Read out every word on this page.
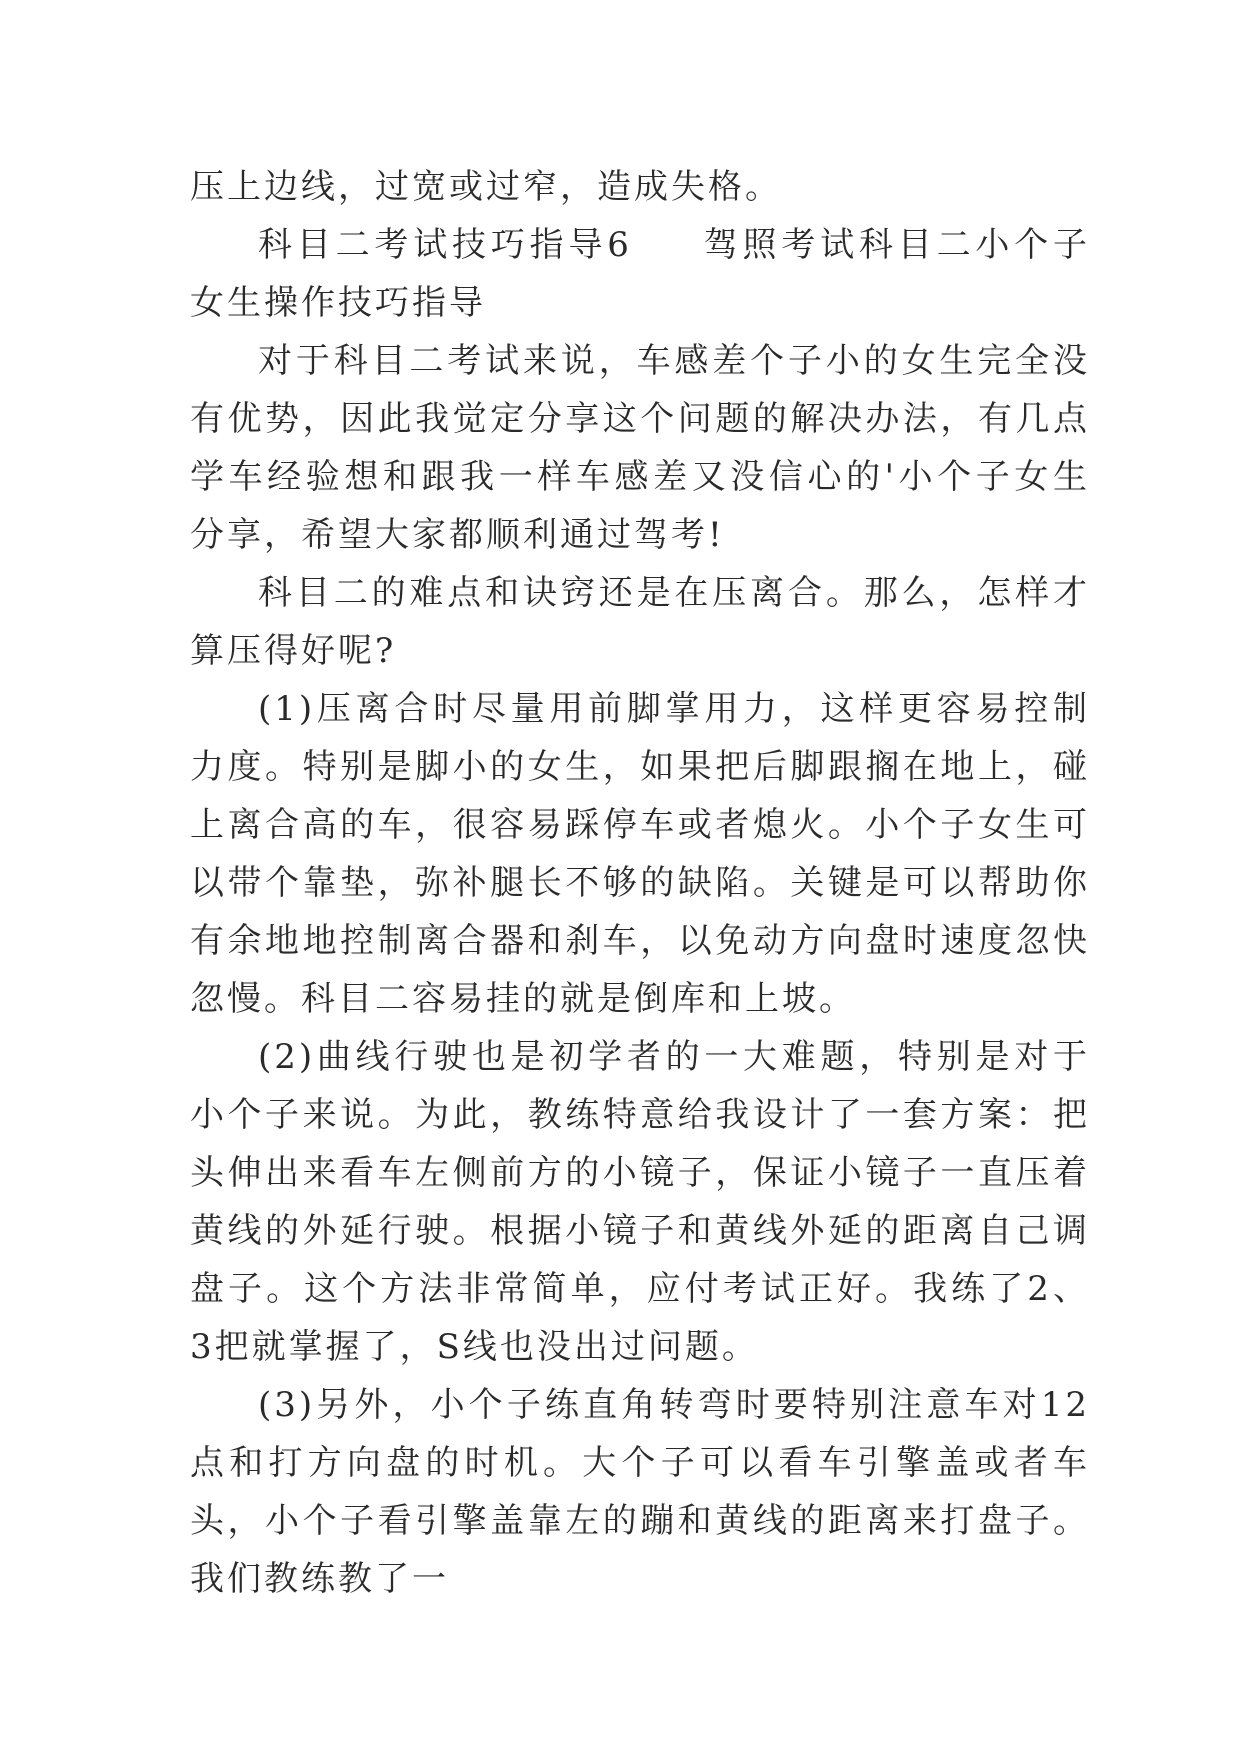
压上边线，过宽或过窄，造成失格。

科目二考试技巧指导6 驾照考试科目二小个子女生操作技巧指导

对于科目二考试来说，车感差个子小的女生完全没有优势，因此我觉定分享这个问题的解决办法，有几点学车经验想和跟我一样车感差又没信心的'小个子女生分享，希望大家都顺利通过驾考!

科目二的难点和诀窍还是在压离合。那么，怎样才算压得好呢?

(1)压离合时尽量用前脚掌用力，这样更容易控制力度。特别是脚小的女生，如果把后脚跟搁在地上，碰上离合高的车，很容易踩停车或者熄火。小个子女生可以带个靠垫，弥补腿长不够的缺陷。关键是可以帮助你有余地地控制离合器和刹车，以免动方向盘时速度忽快忽慢。科目二容易挂的就是倒库和上坡。

(2)曲线行驶也是初学者的一大难题，特别是对于小个子来说。为此，教练特意给我设计了一套方案：把头伸出来看车左侧前方的小镜子，保证小镜子一直压着黄线的外延行驶。根据小镜子和黄线外延的距离自己调盘子。这个方法非常简单，应付考试正好。我练了2、3把就掌握了，S线也没出过问题。

(3)另外，小个子练直角转弯时要特别注意车对12点和打方向盘的时机。大个子可以看车引擎盖或者车头，小个子看引擎盖靠左的蹦和黄线的距离来打盘子。我们教练教了一
